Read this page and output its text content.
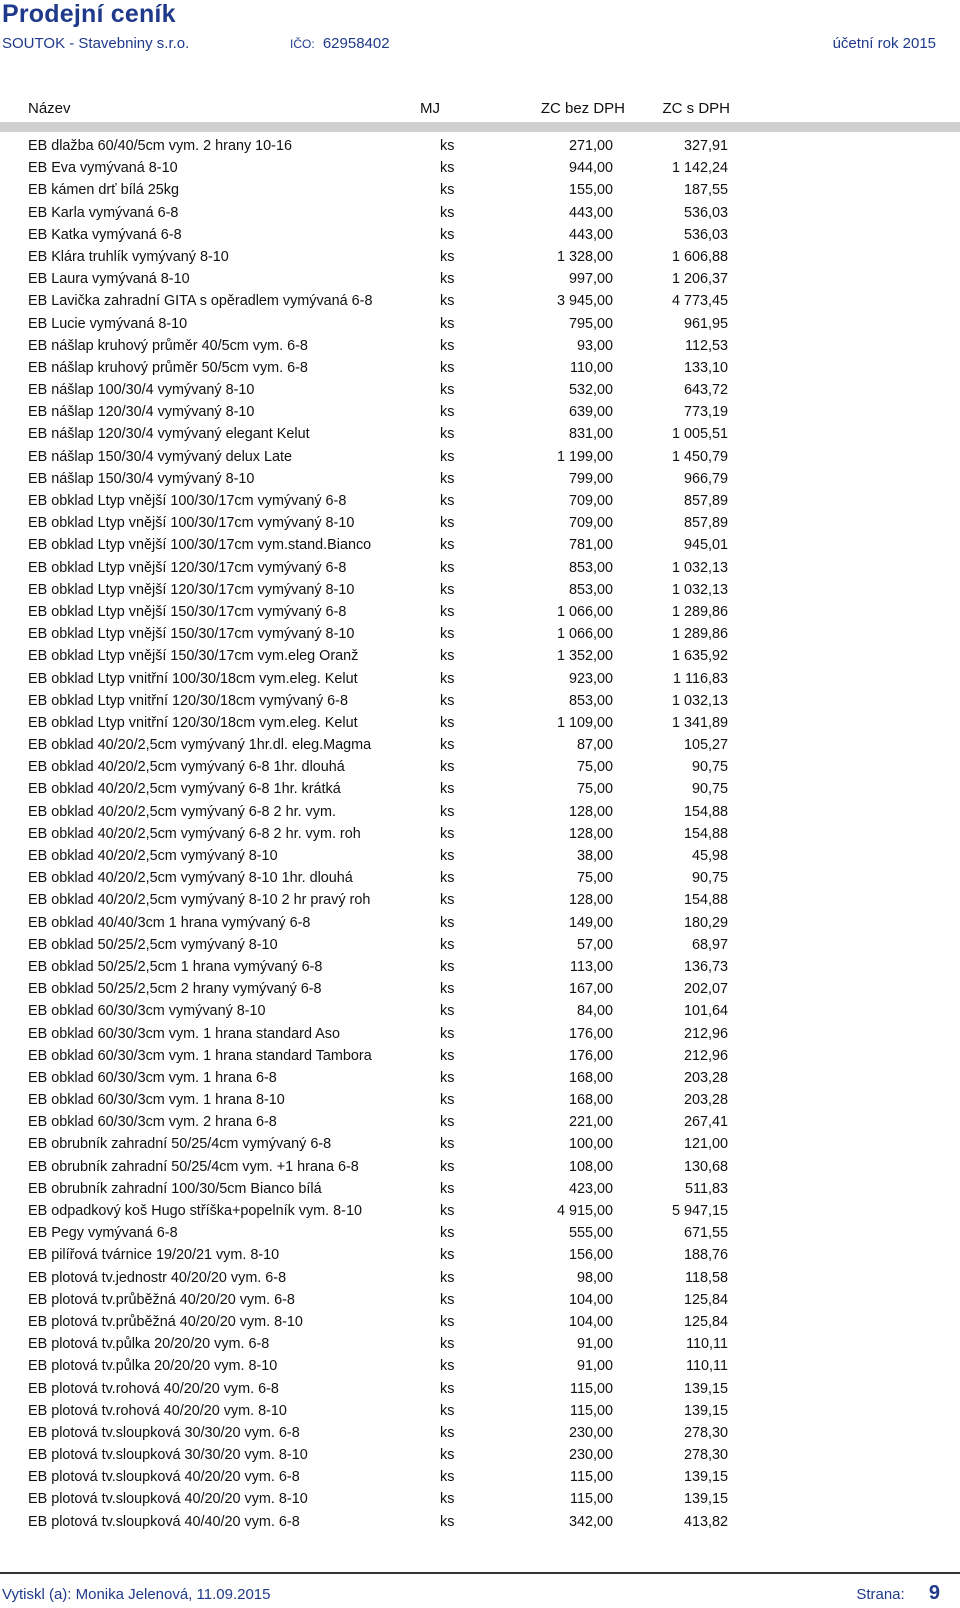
Prodejní ceník
SOUTOK - Stavebniny s.r.o.	IČO: 62958402	účetní rok 2015
Název	MJ	ZC bez DPH	ZC s DPH
EB dlažba 60/40/5cm vym. 2 hrany 10-16	ks	271,00	327,91
EB Eva vymývaná 8-10	ks	944,00	1 142,24
EB kámen drť bílá 25kg	ks	155,00	187,55
EB Karla vymývaná 6-8	ks	443,00	536,03
EB Katka vymývaná 6-8	ks	443,00	536,03
EB Klára truhlík vymývaný 8-10	ks	1 328,00	1 606,88
EB Laura vymývaná 8-10	ks	997,00	1 206,37
EB Lavička zahradní GITA s opěradlem vymývaná 6-8	ks	3 945,00	4 773,45
EB Lucie vymývaná 8-10	ks	795,00	961,95
EB nášlap kruhový průměr 40/5cm vym. 6-8	ks	93,00	112,53
EB nášlap kruhový průměr 50/5cm vym. 6-8	ks	110,00	133,10
EB nášlap 100/30/4 vymývaný 8-10	ks	532,00	643,72
EB nášlap 120/30/4 vymývaný 8-10	ks	639,00	773,19
EB nášlap 120/30/4 vymývaný elegant Kelut	ks	831,00	1 005,51
EB nášlap 150/30/4 vymývaný delux Late	ks	1 199,00	1 450,79
EB nášlap 150/30/4 vymývaný 8-10	ks	799,00	966,79
EB obklad Ltyp vnější 100/30/17cm vymývaný 6-8	ks	709,00	857,89
EB obklad Ltyp vnější 100/30/17cm vymývaný 8-10	ks	709,00	857,89
EB obklad Ltyp vnější 100/30/17cm vym.stand.Bianco	ks	781,00	945,01
EB obklad Ltyp vnější 120/30/17cm vymývaný 6-8	ks	853,00	1 032,13
EB obklad Ltyp vnější 120/30/17cm vymývaný 8-10	ks	853,00	1 032,13
EB obklad Ltyp vnější 150/30/17cm vymývaný 6-8	ks	1 066,00	1 289,86
EB obklad Ltyp vnější 150/30/17cm vymývaný 8-10	ks	1 066,00	1 289,86
EB obklad Ltyp vnější 150/30/17cm vym.eleg Oranž	ks	1 352,00	1 635,92
EB obklad Ltyp vnitřní 100/30/18cm vym.eleg. Kelut	ks	923,00	1 116,83
EB obklad Ltyp vnitřní 120/30/18cm vymývaný 6-8	ks	853,00	1 032,13
EB obklad Ltyp vnitřní 120/30/18cm vym.eleg. Kelut	ks	1 109,00	1 341,89
EB obklad 40/20/2,5cm vymývaný 1hr.dl. eleg.Magma	ks	87,00	105,27
EB obklad 40/20/2,5cm vymývaný 6-8 1hr. dlouhá	ks	75,00	90,75
EB obklad 40/20/2,5cm vymývaný 6-8 1hr. krátká	ks	75,00	90,75
EB obklad 40/20/2,5cm vymývaný 6-8 2 hr. vym.	ks	128,00	154,88
EB obklad 40/20/2,5cm vymývaný 6-8 2 hr. vym. roh	ks	128,00	154,88
EB obklad 40/20/2,5cm vymývaný 8-10	ks	38,00	45,98
EB obklad 40/20/2,5cm vymývaný 8-10 1hr. dlouhá	ks	75,00	90,75
EB obklad 40/20/2,5cm vymývaný 8-10 2 hr pravý roh	ks	128,00	154,88
EB obklad 40/40/3cm 1 hrana vymývaný 6-8	ks	149,00	180,29
EB obklad 50/25/2,5cm vymývaný 8-10	ks	57,00	68,97
EB obklad 50/25/2,5cm 1 hrana vymývaný 6-8	ks	113,00	136,73
EB obklad 50/25/2,5cm 2 hrany vymývaný 6-8	ks	167,00	202,07
EB obklad 60/30/3cm vymývaný 8-10	ks	84,00	101,64
EB obklad 60/30/3cm vym. 1 hrana standard Aso	ks	176,00	212,96
EB obklad 60/30/3cm vym. 1 hrana standard Tambora	ks	176,00	212,96
EB obklad 60/30/3cm vym. 1 hrana 6-8	ks	168,00	203,28
EB obklad 60/30/3cm vym. 1 hrana 8-10	ks	168,00	203,28
EB obklad 60/30/3cm vym. 2 hrana 6-8	ks	221,00	267,41
EB obrubník zahradní 50/25/4cm vymývaný 6-8	ks	100,00	121,00
EB obrubník zahradní 50/25/4cm vym. +1 hrana 6-8	ks	108,00	130,68
EB obrubník zahradní 100/30/5cm Bianco bílá	ks	423,00	511,83
EB odpadkový koš Hugo stříška+popelník vym. 8-10	ks	4 915,00	5 947,15
EB Pegy vymývaná 6-8	ks	555,00	671,55
EB pilířová tvárnice 19/20/21 vym. 8-10	ks	156,00	188,76
EB plotová tv.jednostr 40/20/20 vym. 6-8	ks	98,00	118,58
EB plotová tv.průběžná 40/20/20 vym. 6-8	ks	104,00	125,84
EB plotová tv.průběžná 40/20/20 vym. 8-10	ks	104,00	125,84
EB plotová tv.půlka 20/20/20 vym. 6-8	ks	91,00	110,11
EB plotová tv.půlka 20/20/20 vym. 8-10	ks	91,00	110,11
EB plotová tv.rohová 40/20/20 vym. 6-8	ks	115,00	139,15
EB plotová tv.rohová 40/20/20 vym. 8-10	ks	115,00	139,15
EB plotová tv.sloupková 30/30/20 vym. 6-8	ks	230,00	278,30
EB plotová tv.sloupková 30/30/20 vym. 8-10	ks	230,00	278,30
EB plotová tv.sloupková 40/20/20 vym. 6-8	ks	115,00	139,15
EB plotová tv.sloupková 40/20/20 vym. 8-10	ks	115,00	139,15
EB plotová tv.sloupková 40/40/20 vym. 6-8	ks	342,00	413,82
Vytiskl (a): Monika Jelenová, 11.09.2015	Strana: 9
